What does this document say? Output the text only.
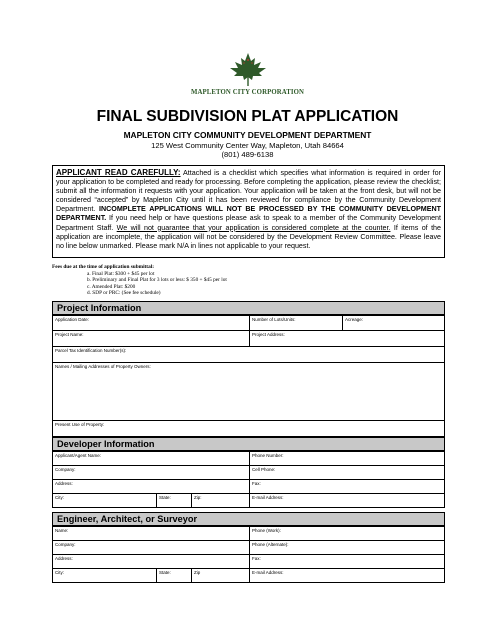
MAPLETON CITY CORPORATION
FINAL SUBDIVISION PLAT APPLICATION
MAPLETON CITY COMMUNITY DEVELOPMENT DEPARTMENT
125 West Community Center Way, Mapleton, Utah 84664
(801) 489-6138
APPLICANT READ CAREFULLY: Attached is a checklist which specifies what information is required in order for your application to be completed and ready for processing. Before completing the application, please review the checklist; submit all the information it requests with your application. Your application will be taken at the front desk, but will not be considered “accepted” by Mapleton City until it has been reviewed for compliance by the Community Development Department. INCOMPLETE APPLICATIONS WILL NOT BE PROCESSED BY THE COMMUNITY DEVELOPMENT DEPARTMENT. If you need help or have questions please ask to speak to a member of the Community Development Department Staff. We will not guarantee that your application is considered complete at the counter. If items of the application are incomplete, the application will not be considered by the Development Review Committee. Please leave no line below unmarked. Please mark N/A in lines not applicable to your request.
Fees due at the time of application submittal:
a. Final Plat: $300 + $45 per lot
b. Preliminary and Final Plat for 3 lots or less: $ 350 + $45 per lot
c. Amended Plat: $200
d. SDP or PRC: (See fee schedule)
Project Information
Application Date:	Number of Lots/Units:	Acreage:
Project Name:	Project Address:
Parcel Tax Identification Number(s):
Names / Mailing Addresses of Property Owners:
Present Use of Property:
Developer Information
Applicant/Agent Name:	Phone Number:
Company:	Cell Phone:
Address:	Fax:
City:	State:	Zip:	E-mail Address:
Engineer, Architect, or Surveyor
Name:	Phone (Work):
Company:	Phone (Alternate):
Address:	Fax:
City:	State:	Zip	E-mail Address:
